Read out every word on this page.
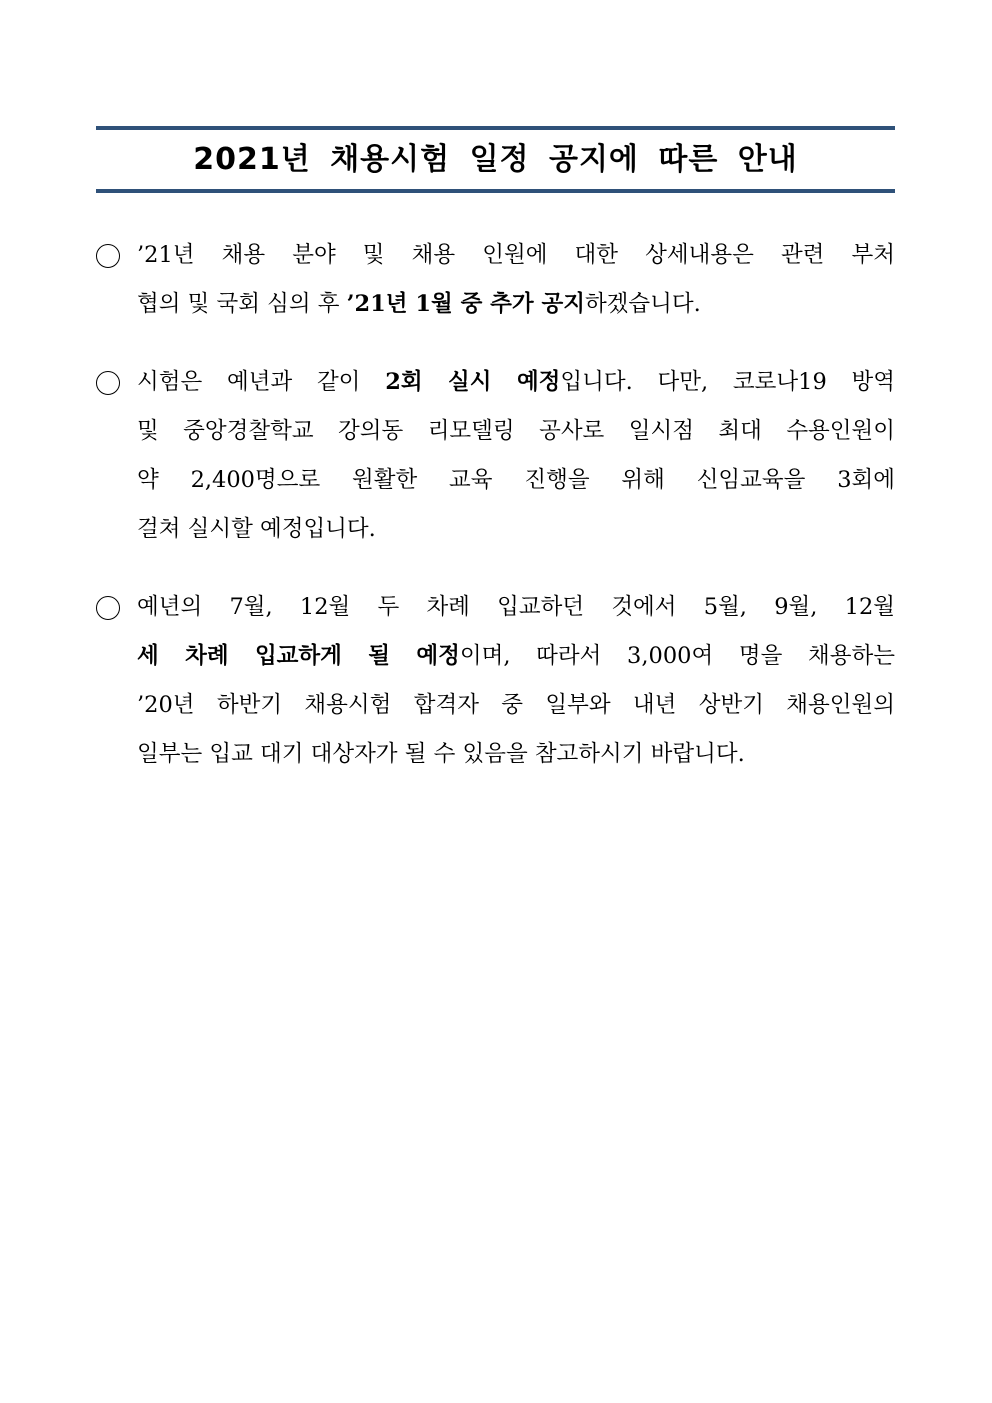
2021년 채용시험 일정 공지에 따른 안내
’21년 채용 분야 및 채용 인원에 대한 상세내용은 관련 부처
협의 및 국회 심의 후 ’21년 1월 중 추가 공지하겠습니다.
시험은 예년과 같이 2회 실시 예정입니다. 다만, 코로나19 방역
및 중앙경찰학교 강의동 리모델링 공사로 일시점 최대 수용인원이
약 2,400명으로 원활한 교육 진행을 위해 신임교육을 3회에
걸쳐 실시할 예정입니다.
예년의 7월, 12월 두 차례 입교하던 것에서 5월, 9월, 12월
세 차례 입교하게 될 예정이며, 따라서 3,000여 명을 채용하는
’20년 하반기 채용시험 합격자 중 일부와 내년 상반기 채용인원의
일부는 입교 대기 대상자가 될 수 있음을 참고하시기 바랍니다.
